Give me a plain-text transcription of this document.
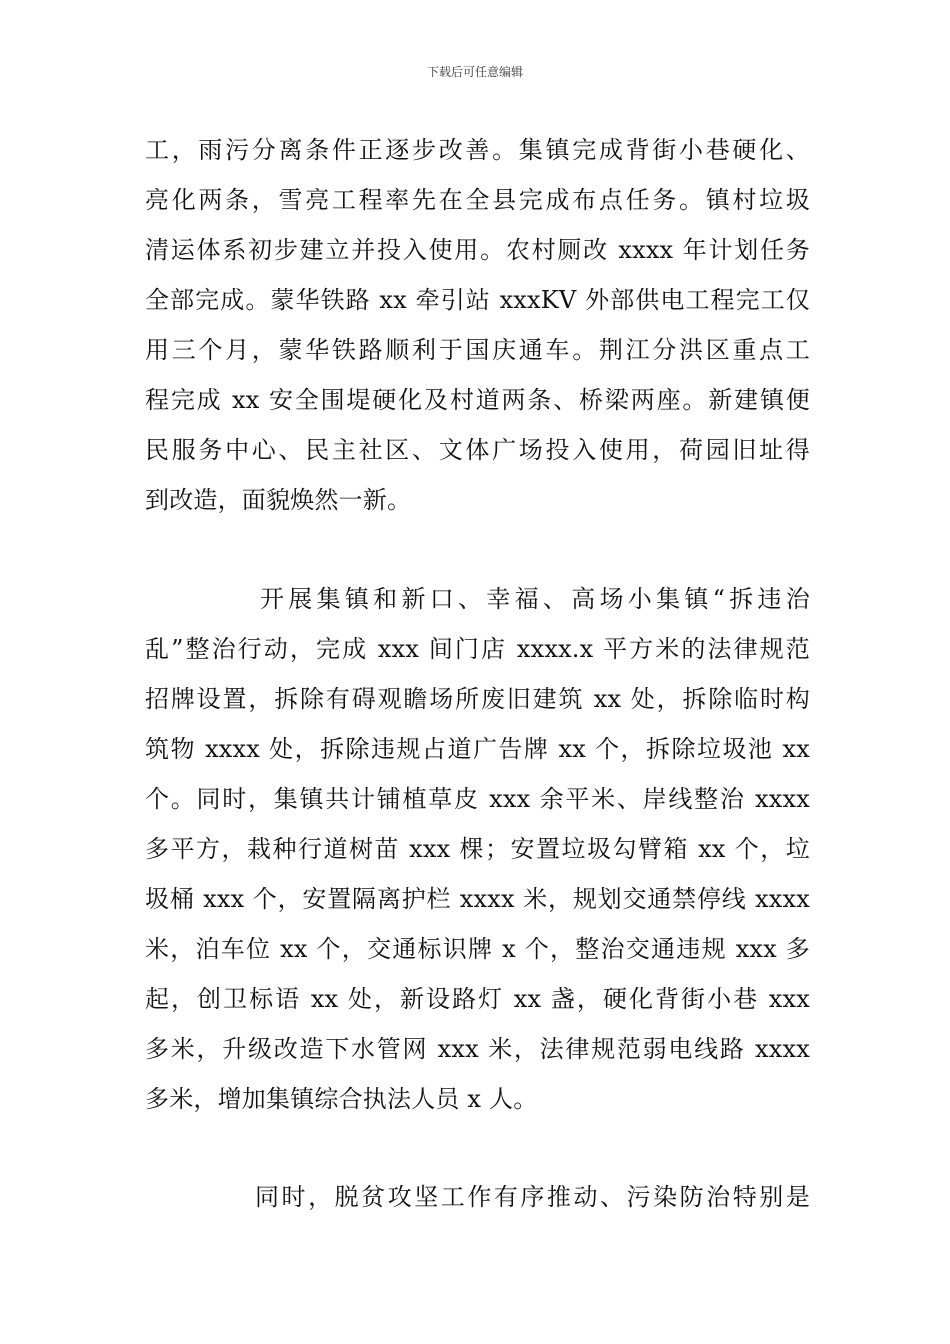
下载后可任意编辑
工，雨污分离条件正逐步改善。集镇完成背街小巷硬化、
亮化两条，雪亮工程率先在全县完成布点任务。镇村垃圾
清运体系初步建立并投入使用。农村厕改 xxxx 年计划任务
全部完成。蒙华铁路 xx 牵引站 xxxKV 外部供电工程完工仅
用三个月，蒙华铁路顺利于国庆通车。荆江分洪区重点工
程完成 xx 安全围堤硬化及村道两条、桥梁两座。新建镇便
民服务中心、民主社区、文体广场投入使用，荷园旧址得
到改造，面貌焕然一新。
开展集镇和新口、幸福、高场小集镇“拆违治
乱”整治行动，完成 xxx 间门店 xxxx.x 平方米的法律规范
招牌设置，拆除有碍观瞻场所废旧建筑 xx 处，拆除临时构
筑物 xxxx 处，拆除违规占道广告牌 xx 个，拆除垃圾池 xx
个。同时，集镇共计铺植草皮 xxx 余平米、岸线整治 xxxx
多平方，栽种行道树苗 xxx 棵；安置垃圾勾臂箱 xx 个，垃
圾桶 xxx 个，安置隔离护栏 xxxx 米，规划交通禁停线 xxxx
米，泊车位 xx 个，交通标识牌 x 个，整治交通违规 xxx 多
起，创卫标语 xx 处，新设路灯 xx 盏，硬化背街小巷 xxx
多米，升级改造下水管网 xxx 米，法律规范弱电线路 xxxx
多米，增加集镇综合执法人员 x 人。
同时，脱贫攻坚工作有序推动、污染防治特别是
